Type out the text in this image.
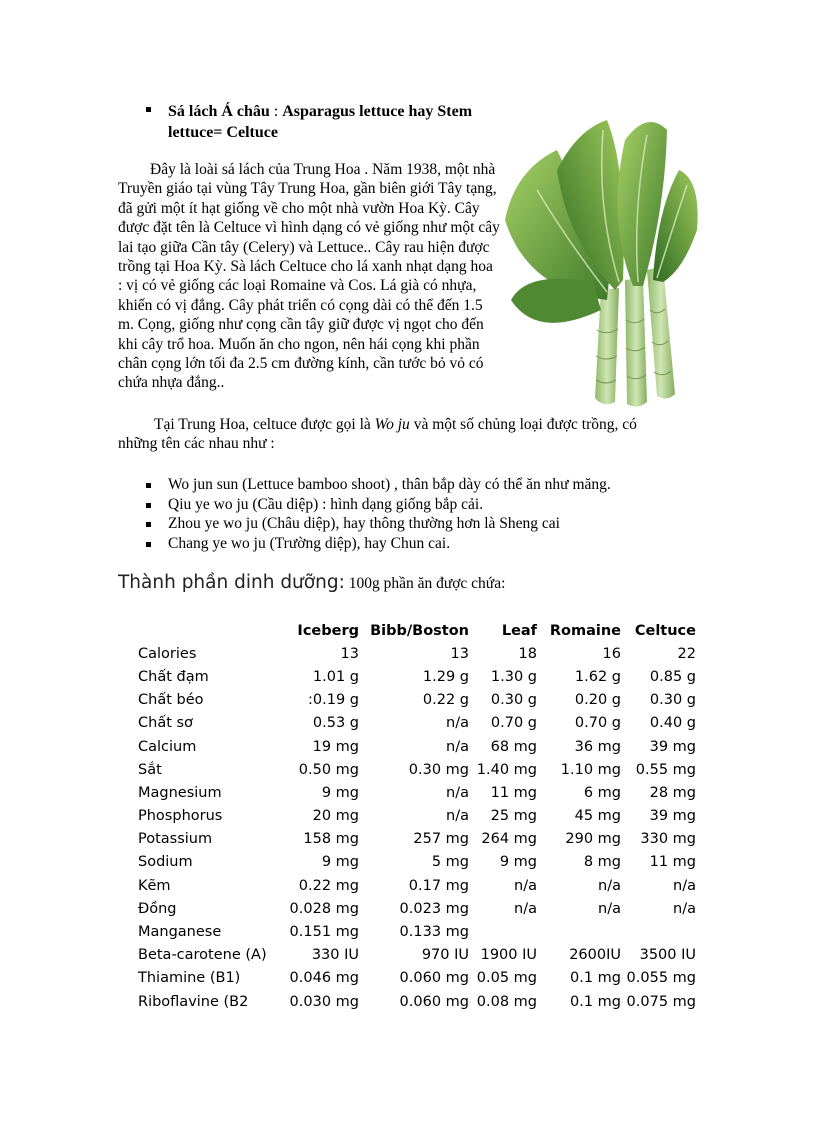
Sá lách Á châu : Asparagus lettuce hay Stem lettuce= Celtuce

Đây là loài sá lách của Trung Hoa . Năm 1938, một nhà Truyền giáo tại vùng Tây Trung Hoa, gần biên giới Tây tạng, đã gửi một ít hạt giống về cho một nhà vườn Hoa Kỳ. Cây được đặt tên là Celtuce vì hình dạng có vẻ giống như một cây lai tạo giữa Cần tây (Celery) và Lettuce.. Cây rau hiện được trồng tại Hoa Kỳ. Sà lách Celtuce cho lá xanh nhạt dạng hoa : vị có vẻ giống các loại Romaine và Cos. Lá già có nhựa, khiến có vị đắng. Cây phát triển có cọng dài có thể đến 1.5 m. Cọng, giống như cọng cần tây giữ được vị ngọt cho đến khi cây trổ hoa. Muốn ăn cho ngon, nên hái cọng khi phần chân cọng lớn tối đa 2.5 cm đường kính, cần tước bỏ vỏ có chứa nhựa đắng..

Tại Trung Hoa, celtuce được gọi là Wo ju và một số chủng loại được trồng, có những tên các nhau như :

Wo jun sun (Lettuce bamboo shoot) , thân bắp dày có thể ăn như măng.
Qiu ye wo ju (Cầu diệp) : hình dạng giống bắp cải.
Zhou ye wo ju (Châu diệp), hay thông thường hơn là Sheng cai
Chang ye wo ju (Trường diệp), hay Chun cai.
Thành phần dinh dưỡng: 100g phần ăn được chứa:
	Iceberg	Bibb/Boston	Leaf	Romaine	Celtuce
Calories	13	13	18	16	22
Chất đạm	1.01 g	1.29 g	1.30 g	1.62 g	0.85 g
Chất béo	:0.19 g	0.22 g	0.30 g	0.20 g	0.30 g
Chất sơ	0.53 g	n/a	0.70 g	0.70 g	0.40 g
Calcium	19 mg	n/a	68 mg	36 mg	39 mg
Sắt	0.50 mg	0.30 mg	1.40 mg	1.10 mg	0.55 mg
Magnesium	9 mg	n/a	11 mg	6 mg	28 mg
Phosphorus	20 mg	n/a	25 mg	45 mg	39 mg
Potassium	158 mg	257 mg	264 mg	290 mg	330 mg
Sodium	9 mg	5 mg	9 mg	8 mg	11 mg
Kẽm	0.22 mg	0.17 mg	n/a	n/a	n/a
Đồng	0.028 mg	0.023 mg	n/a	n/a	n/a
Manganese	0.151 mg	0.133 mg			
Beta-carotene (A)	330 IU	970 IU	1900 IU	2600IU	3500 IU
Thiamine (B1)	0.046 mg	0.060 mg	0.05 mg	0.1 mg	0.055 mg
Riboflavine (B2	0.030 mg	0.060 mg	0.08 mg	0.1 mg	0.075 mg
